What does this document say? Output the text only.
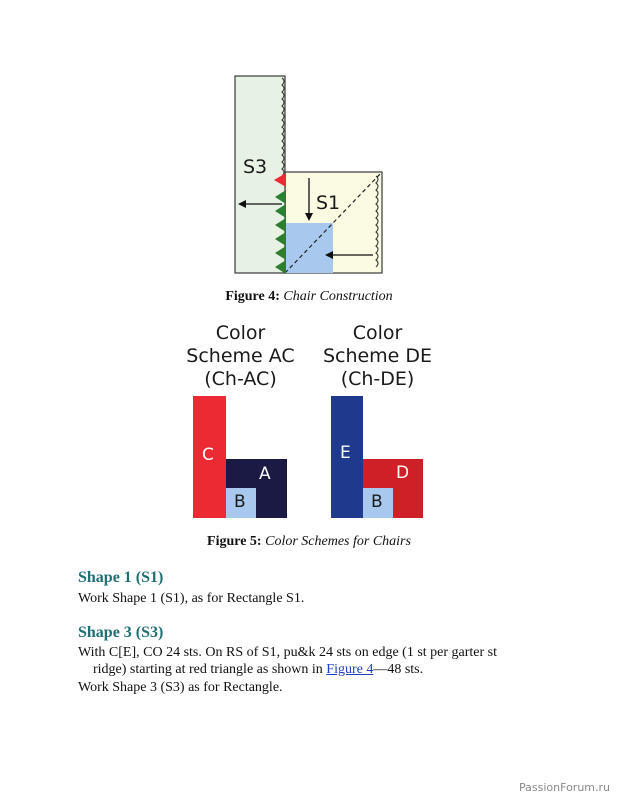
S3
S1
Figure 4: Chair Construction
Color
Scheme AC
(Ch-AC)
Color
Scheme DE
(Ch-DE)
C
A
B
E
D
B
Figure 5: Color Schemes for Chairs
Shape 1 (S1)

Work Shape 1 (S1), as for Rectangle S1.

Shape 3 (S3)

With C[E], CO 24 sts. On RS of S1, pu&k 24 sts on edge (1 st per garter st

ridge) starting at red triangle as shown in Figure 4—48 sts.

Work Shape 3 (S3) as for Rectangle.

PassionForum.ru
